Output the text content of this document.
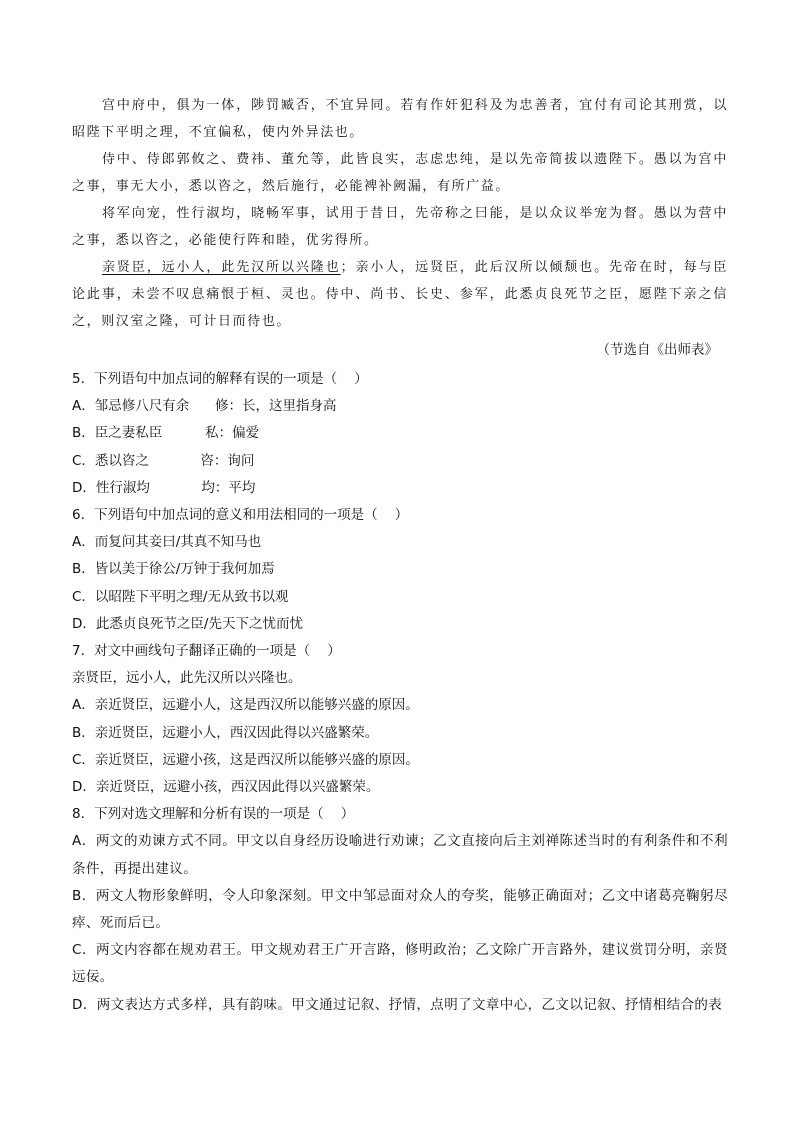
宫中府中，俱为一体，陟罚臧否，不宜异同。若有作奸犯科及为忠善者，宜付有司论其刑赏，以昭陛下平明之理，不宜偏私，使内外异法也。

侍中、侍郎郭攸之、费祎、董允等，此皆良实，志虑忠纯，是以先帝简拔以遗陛下。愚以为宫中之事，事无大小，悉以咨之，然后施行，必能裨补阙漏，有所广益。

将军向宠，性行淑均，晓畅军事，试用于昔日，先帝称之曰能，是以众议举宠为督。愚以为营中之事，悉以咨之，必能使行阵和睦，优劣得所。

亲贤臣，远小人，此先汉所以兴隆也；亲小人，远贤臣，此后汉所以倾颓也。先帝在时，每与臣论此事，未尝不叹息痛恨于桓、灵也。侍中、尚书、长史、参军，此悉贞良死节之臣，愿陛下亲之信之，则汉室之隆，可计日而待也。

（节选自《出师表》

5．下列语句中加点词的解释有误的一项是（    ）

A．邹忌修八尺有余      修：长，这里指身高

B．臣之妻私臣          私：偏爱

C．悉以咨之            咨：询问

D．性行淑均            均：平均

6．下列语句中加点词的意义和用法相同的一项是（    ）

A．而复问其妾曰/其真不知马也

B．皆以美于徐公/万钟于我何加焉

C．以昭陛下平明之理/无从致书以观

D．此悉贞良死节之臣/先天下之忧而忧

7．对文中画线句子翻译正确的一项是（    ）

亲贤臣，远小人，此先汉所以兴隆也。

A．亲近贤臣，远避小人，这是西汉所以能够兴盛的原因。

B．亲近贤臣，远避小人，西汉因此得以兴盛繁荣。

C．亲近贤臣，远避小孩，这是西汉所以能够兴盛的原因。

D．亲近贤臣，远避小孩，西汉因此得以兴盛繁荣。

8．下列对选文理解和分析有误的一项是（    ）

A．两文的劝谏方式不同。甲文以自身经历设喻进行劝谏；乙文直接向后主刘禅陈述当时的有利条件和不利条件，再提出建议。

B．两文人物形象鲜明，令人印象深刻。甲文中邹忌面对众人的夸奖，能够正确面对；乙文中诸葛亮鞠躬尽瘁、死而后已。

C．两文内容都在规劝君王。甲文规劝君王广开言路，修明政治；乙文除广开言路外，建议赏罚分明，亲贤远佞。

D．两文表达方式多样，具有韵味。甲文通过记叙、抒情，点明了文章中心，乙文以记叙、抒情相结合的表
